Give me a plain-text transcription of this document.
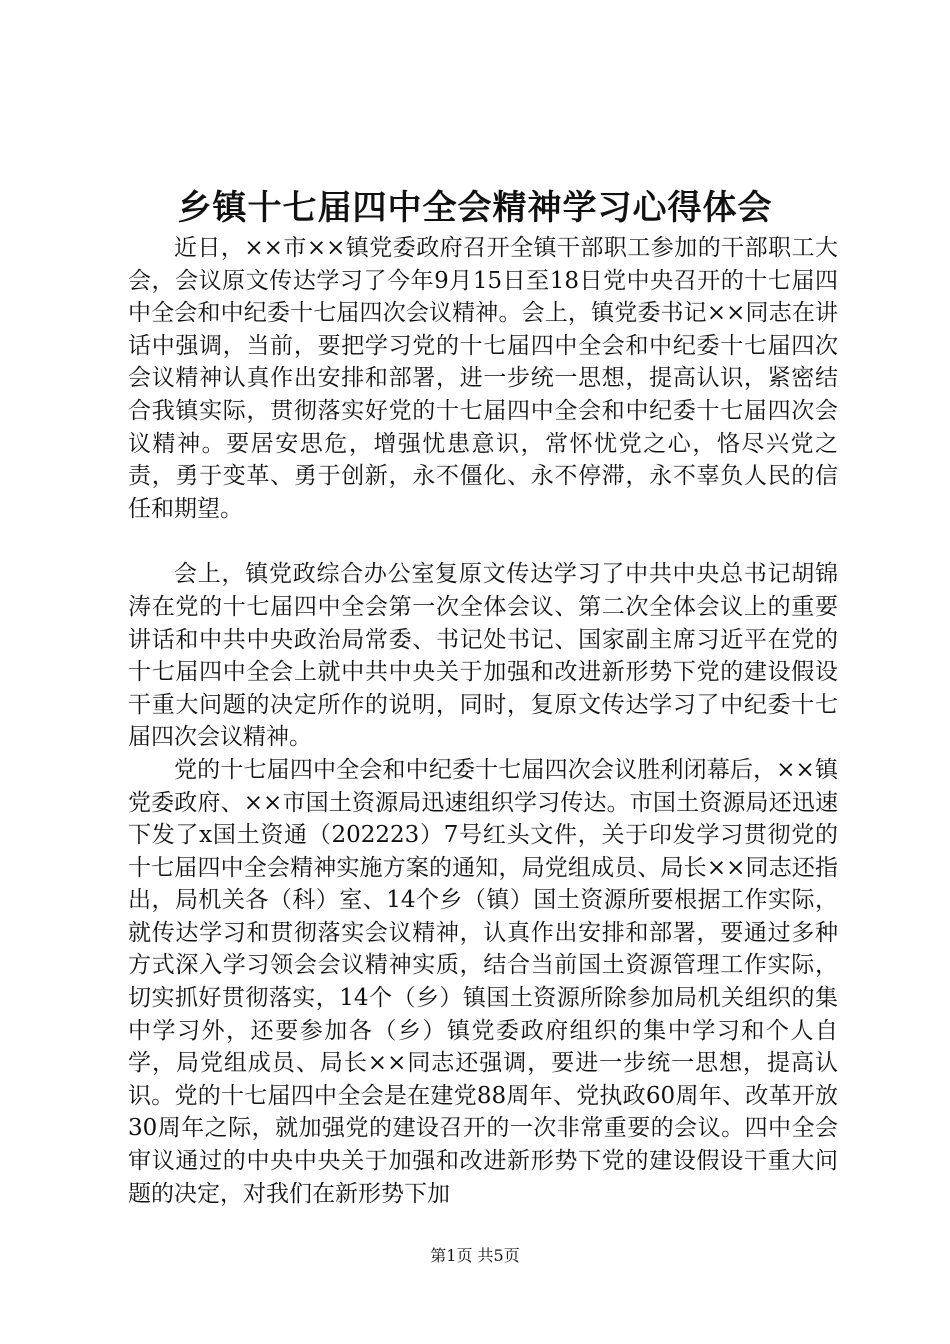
乡镇十七届四中全会精神学习心得体会

近日，××市××镇党委政府召开全镇干部职工参加的干部职工大会，会议原文传达学习了今年9月15日至18日党中央召开的十七届四中全会和中纪委十七届四次会议精神。会上，镇党委书记××同志在讲话中强调，当前，要把学习党的十七届四中全会和中纪委十七届四次会议精神认真作出安排和部署，进一步统一思想，提高认识，紧密结合我镇实际，贯彻落实好党的十七届四中全会和中纪委十七届四次会议精神。要居安思危，增强忧患意识，常怀忧党之心，恪尽兴党之责，勇于变革、勇于创新，永不僵化、永不停滞，永不辜负人民的信任和期望。

会上，镇党政综合办公室复原文传达学习了中共中央总书记胡锦涛在党的十七届四中全会第一次全体会议、第二次全体会议上的重要讲话和中共中央政治局常委、书记处书记、国家副主席习近平在党的十七届四中全会上就中共中央关于加强和改进新形势下党的建设假设干重大问题的决定所作的说明，同时，复原文传达学习了中纪委十七届四次会议精神。

党的十七届四中全会和中纪委十七届四次会议胜利闭幕后，××镇党委政府、××市国土资源局迅速组织学习传达。市国土资源局还迅速下发了x国土资通（202223）7号红头文件，关于印发学习贯彻党的十七届四中全会精神实施方案的通知，局党组成员、局长××同志还指出，局机关各（科）室、14个乡（镇）国土资源所要根据工作实际，就传达学习和贯彻落实会议精神，认真作出安排和部署，要通过多种方式深入学习领会会议精神实质，结合当前国土资源管理工作实际，切实抓好贯彻落实，14个（乡）镇国土资源所除参加局机关组织的集中学习外，还要参加各（乡）镇党委政府组织的集中学习和个人自学，局党组成员、局长××同志还强调，要进一步统一思想，提高认识。党的十七届四中全会是在建党88周年、党执政60周年、改革开放30周年之际，就加强党的建设召开的一次非常重要的会议。四中全会审议通过的中央中央关于加强和改进新形势下党的建设假设干重大问题的决定，对我们在新形势下加

第1页 共5页
